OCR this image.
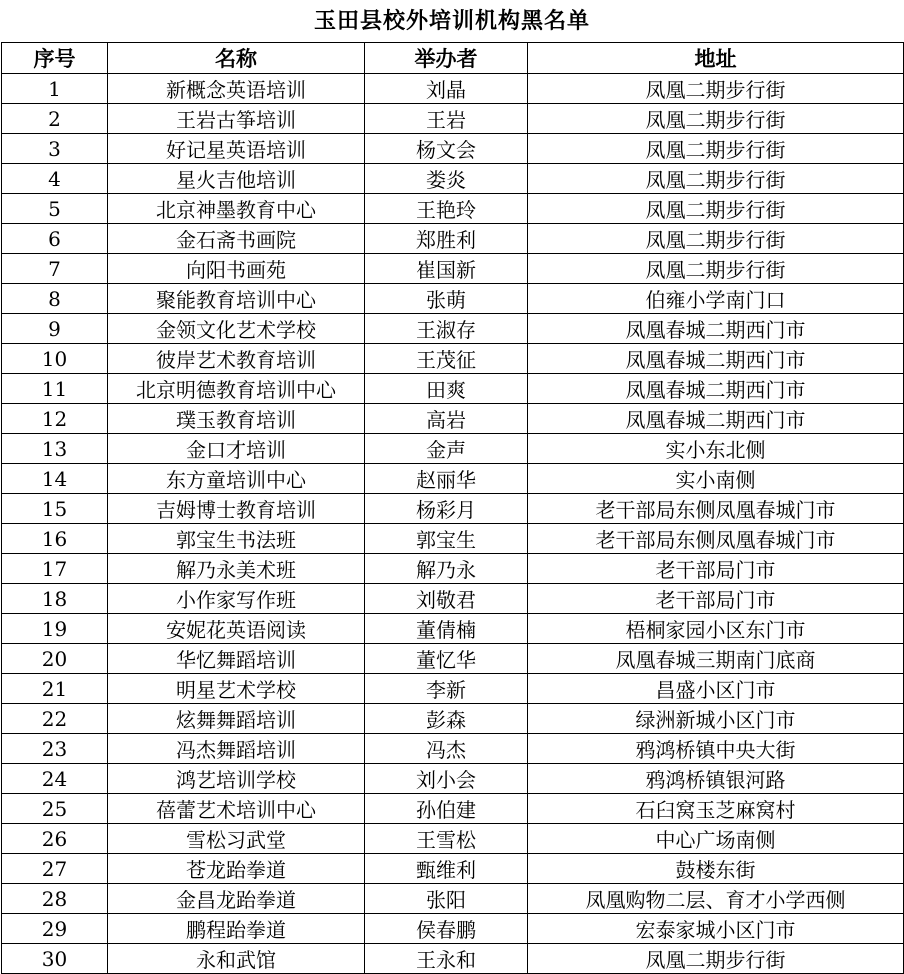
玉田县校外培训机构黑名单
序号	名称	举办者	地址
1	新概念英语培训	刘晶	凤凰二期步行街
2	王岩古筝培训	王岩	凤凰二期步行街
3	好记星英语培训	杨文会	凤凰二期步行街
4	星火吉他培训	娄炎	凤凰二期步行街
5	北京神墨教育中心	王艳玲	凤凰二期步行街
6	金石斋书画院	郑胜利	凤凰二期步行街
7	向阳书画苑	崔国新	凤凰二期步行街
8	聚能教育培训中心	张萌	伯雍小学南门口
9	金领文化艺术学校	王淑存	凤凰春城二期西门市
10	彼岸艺术教育培训	王茂征	凤凰春城二期西门市
11	北京明德教育培训中心	田爽	凤凰春城二期西门市
12	璞玉教育培训	高岩	凤凰春城二期西门市
13	金口才培训	金声	实小东北侧
14	东方童培训中心	赵丽华	实小南侧
15	吉姆博士教育培训	杨彩月	老干部局东侧凤凰春城门市
16	郭宝生书法班	郭宝生	老干部局东侧凤凰春城门市
17	解乃永美术班	解乃永	老干部局门市
18	小作家写作班	刘敬君	老干部局门市
19	安妮花英语阅读	董倩楠	梧桐家园小区东门市
20	华忆舞蹈培训	董忆华	凤凰春城三期南门底商
21	明星艺术学校	李新	昌盛小区门市
22	炫舞舞蹈培训	彭森	绿洲新城小区门市
23	冯杰舞蹈培训	冯杰	鸦鸿桥镇中央大街
24	鸿艺培训学校	刘小会	鸦鸿桥镇银河路
25	蓓蕾艺术培训中心	孙伯建	石臼窝玉芝麻窝村
26	雪松习武堂	王雪松	中心广场南侧
27	苍龙跆拳道	甄维利	鼓楼东街
28	金昌龙跆拳道	张阳	凤凰购物二层、育才小学西侧
29	鹏程跆拳道	侯春鹏	宏泰家城小区门市
30	永和武馆	王永和	凤凰二期步行街
